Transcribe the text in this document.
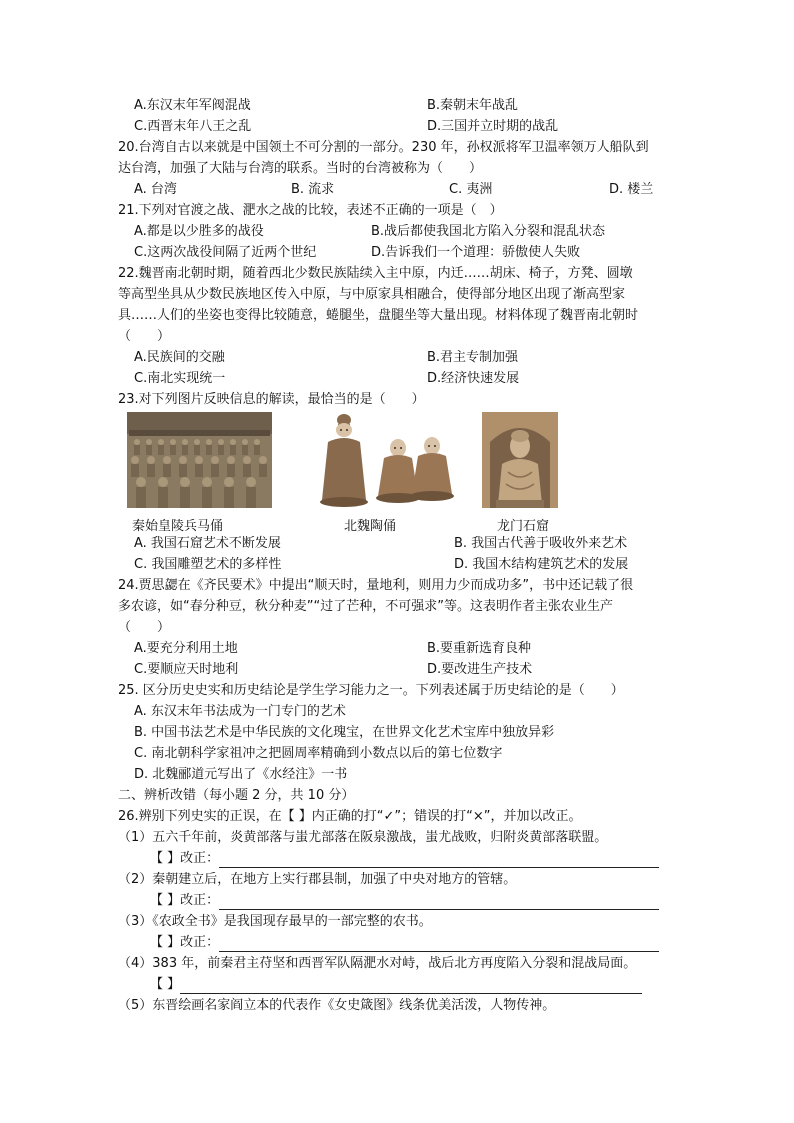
A.东汉末年军阀混战	B.秦朝末年战乱
C.西晋末年八王之乱	D.三国并立时期的战乱
20.台湾自古以来就是中国领土不可分割的一部分。230 年，孙权派将军卫温率领万人船队到
达台湾，加强了大陆与台湾的联系。当时的台湾被称为（　　）
A. 台湾	B. 流求	C. 夷洲	D. 楼兰
21.下列对官渡之战、淝水之战的比较，表述不正确的一项是（　）
A.都是以少胜多的战役	B.战后都使我国北方陷入分裂和混乱状态
C.这两次战役间隔了近两个世纪	D.告诉我们一个道理：骄傲使人失败
22.魏晋南北朝时期，随着西北少数民族陆续入主中原，内迁……胡床、椅子，方凳、圆墩
等高型坐具从少数民族地区传入中原，与中原家具相融合，使得部分地区出现了渐高型家
具……人们的坐姿也变得比较随意，蜷腿坐，盘腿坐等大量出现。材料体现了魏晋南北朝时
（　　）
A.民族间的交融	B.君主专制加强
C.南北实现统一	D.经济快速发展
23.对下列图片反映信息的解读，最恰当的是（　　）
秦始皇陵兵马俑	北魏陶俑	龙门石窟
A. 我国石窟艺术不断发展	B. 我国古代善于吸收外来艺术
C. 我国雕塑艺术的多样性	D. 我国木结构建筑艺术的发展
24.贾思勰在《齐民要术》中提出“顺天时，量地利，则用力少而成功多”，书中还记载了很
多农谚，如“春分种豆，秋分种麦”“过了芒种，不可强求”等。这表明作者主张农业生产
（　　）
A.要充分利用土地	B.要重新选育良种
C.要顺应天时地利	D.要改进生产技术
25. 区分历史史实和历史结论是学生学习能力之一。下列表述属于历史结论的是（　　）
A. 东汉末年书法成为一门专门的艺术
B. 中国书法艺术是中华民族的文化瑰宝，在世界文化艺术宝库中独放异彩
C. 南北朝科学家祖冲之把圆周率精确到小数点以后的第七位数字
D. 北魏郦道元写出了《水经注》一书
二、辨析改错（每小题 2 分，共 10 分）
26.辨别下列史实的正误，在【 】内正确的打“✓”；错误的打“×”，并加以改正。
（1）五六千年前，炎黄部落与蚩尤部落在阪泉激战，蚩尤战败，归附炎黄部落联盟。
【 】改正：
（2）秦朝建立后，在地方上实行郡县制，加强了中央对地方的管辖。
【 】改正：
（3）《农政全书》是我国现存最早的一部完整的农书。
【 】改正：
（4）383 年，前秦君主苻坚和西晋军队隔淝水对峙，战后北方再度陷入分裂和混战局面。
【 】
（5）东晋绘画名家阎立本的代表作《女史箴图》线条优美活泼，人物传神。
